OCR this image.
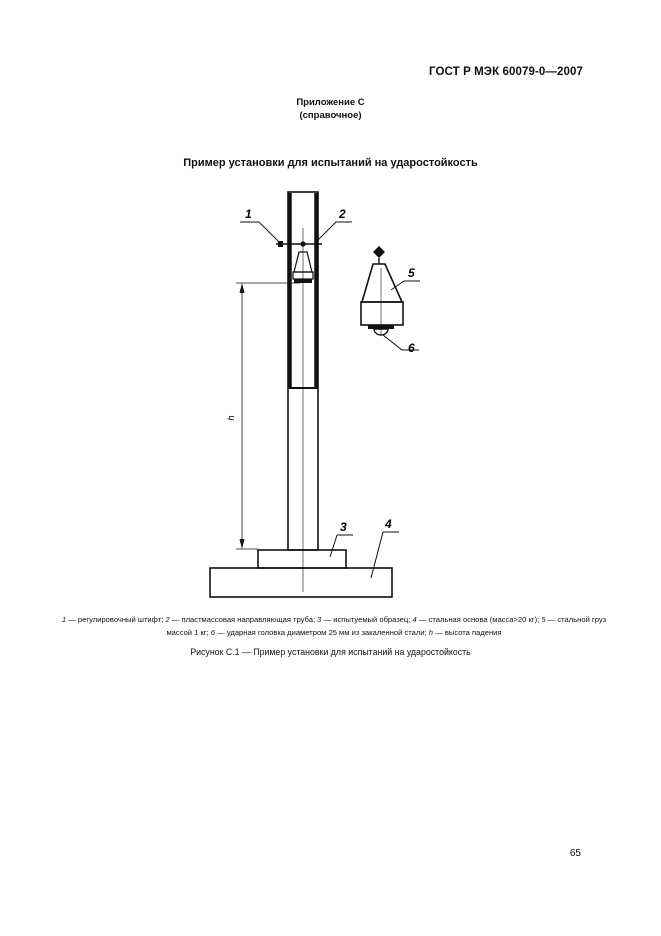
ГОСТ Р МЭК 60079-0—2007
Приложение С
(справочное)
Пример установки для испытаний на ударостойкость
h
1	2
3	4
5
6
1 — регулировочный штифт; 2 — пластмассовая направляющая труба; 3 — испытуемый образец; 4 — стальная основа (масса>20 кг); 5 — стальной груз массой 1 кг; 6 — ударная головка диаметром 25 мм из закаленной стали; h — высота падения
Рисунок С.1 — Пример установки для испытаний на ударостойкость
65
